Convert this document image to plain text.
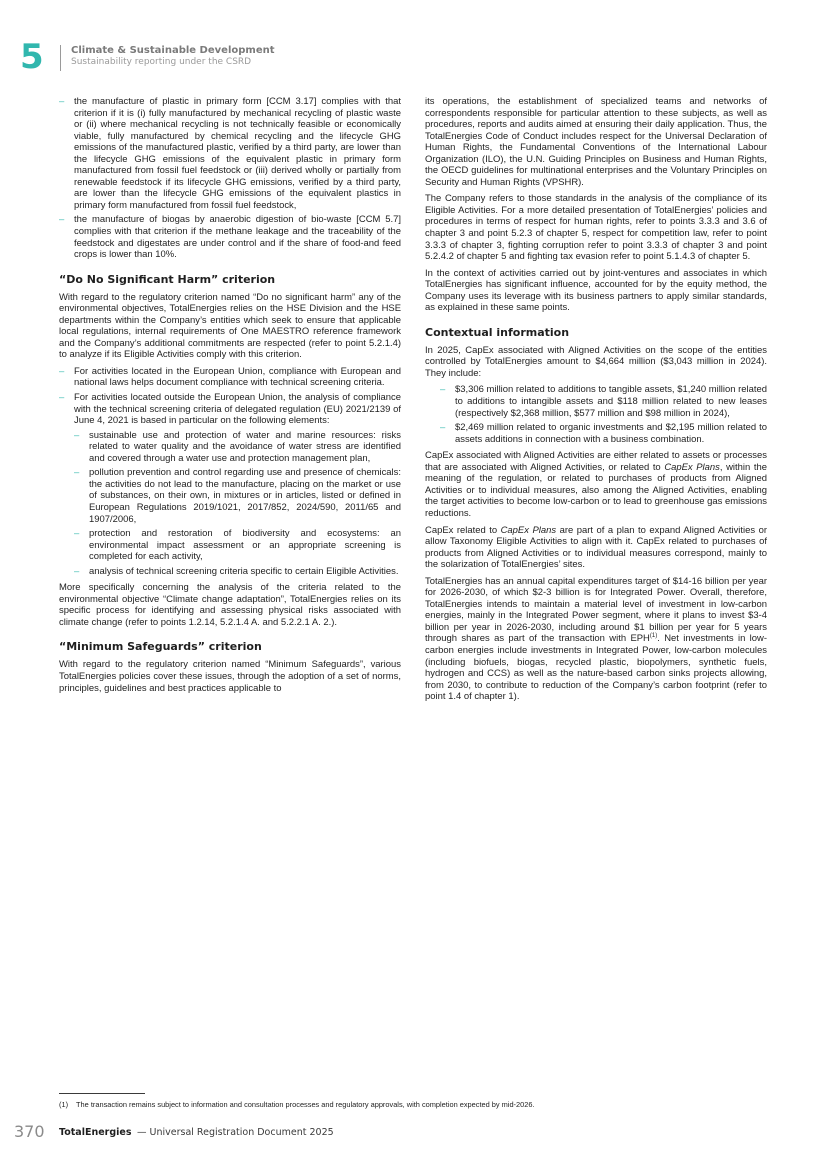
5	Climate & Sustainable Development
Sustainability reporting under the CSRD
– the manufacture of plastic in primary form [CCM 3.17] complies with that criterion if it is (i) fully manufactured by mechanical recycling of plastic waste or (ii) where mechanical recycling is not technically feasible or economically viable, fully manufactured by chemical recycling and the lifecycle GHG emissions of the manufactured plastic, verified by a third party, are lower than the lifecycle GHG emissions of the equivalent plastic in primary form manufactured from fossil fuel feedstock or (iii) derived wholly or partially from renewable feedstock if its lifecycle GHG emissions, verified by a third party, are lower than the lifecycle GHG emissions of the equivalent plastics in primary form manufactured from fossil fuel feedstock,
– the manufacture of biogas by anaerobic digestion of bio-waste [CCM 5.7] complies with that criterion if the methane leakage and the traceability of the feedstock and digestates are under control and if the share of food-and feed crops is lower than 10%.
“Do No Significant Harm” criterion

With regard to the regulatory criterion named “Do no significant harm” any of the environmental objectives, TotalEnergies relies on the HSE Division and the HSE departments within the Company’s entities which seek to ensure that applicable local regulations, internal requirements of One MAESTRO reference framework and the Company’s additional commitments are respected (refer to point 5.2.1.4) to analyze if its Eligible Activities comply with this criterion.

– For activities located in the European Union, compliance with European and national laws helps document compliance with technical screening criteria.
– For activities located outside the European Union, the analysis of compliance with the technical screening criteria of delegated regulation (EU) 2021/2139 of June 4, 2021 is based in particular on the following elements:
– sustainable use and protection of water and marine resources: risks related to water quality and the avoidance of water stress are identified and covered through a water use and protection management plan,
– pollution prevention and control regarding use and presence of chemicals: the activities do not lead to the manufacture, placing on the market or use of substances, on their own, in mixtures or in articles, listed or defined in European Regulations 2019/1021, 2017/852, 2024/590, 2011/65 and 1907/2006,
– protection and restoration of biodiversity and ecosystems: an environmental impact assessment or an appropriate screening is completed for each activity,
– analysis of technical screening criteria specific to certain Eligible Activities.

More specifically concerning the analysis of the criteria related to the environmental objective “Climate change adaptation”, TotalEnergies relies on its specific process for identifying and assessing physical risks associated with climate change (refer to points 1.2.14, 5.2.1.4 A. and 5.2.2.1 A. 2.).

“Minimum Safeguards” criterion

With regard to the regulatory criterion named “Minimum Safeguards”, various TotalEnergies policies cover these issues, through the adoption of a set of norms, principles, guidelines and best practices applicable to

its operations, the establishment of specialized teams and networks of correspondents responsible for particular attention to these subjects, as well as procedures, reports and audits aimed at ensuring their daily application. Thus, the TotalEnergies Code of Conduct includes respect for the Universal Declaration of Human Rights, the Fundamental Conventions of the International Labour Organization (ILO), the U.N. Guiding Principles on Business and Human Rights, the OECD guidelines for multinational enterprises and the Voluntary Principles on Security and Human Rights (VPSHR).

The Company refers to those standards in the analysis of the compliance of its Eligible Activities. For a more detailed presentation of TotalEnergies’ policies and procedures in terms of respect for human rights, refer to points 3.3.3 and 3.6 of chapter 3 and point 5.2.3 of chapter 5, respect for competition law, refer to point 3.3.3 of chapter 3, fighting corruption refer to point 3.3.3 of chapter 3 and point 5.2.4.2 of chapter 5 and fighting tax evasion refer to point 5.1.4.3 of chapter 5.

In the context of activities carried out by joint-ventures and associates in which TotalEnergies has significant influence, accounted for by the equity method, the Company uses its leverage with its business partners to apply similar standards, as explained in these same points.

Contextual information

In 2025, CapEx associated with Aligned Activities on the scope of the entities controlled by TotalEnergies amount to $4,664 million ($3,043 million in 2024). They include:

– $3,306 million related to additions to tangible assets, $1,240 million related to additions to intangible assets and $118 million related to new leases (respectively $2,368 million, $577 million and $98 million in 2024),
– $2,469 million related to organic investments and $2,195 million related to assets additions in connection with a business combination.

CapEx associated with Aligned Activities are either related to assets or processes that are associated with Aligned Activities, or related to CapEx Plans, within the meaning of the regulation, or related to purchases of products from Aligned Activities or to individual measures, also among the Aligned Activities, enabling the target activities to become low-carbon or to lead to greenhouse gas emissions reductions.

CapEx related to CapEx Plans are part of a plan to expand Aligned Activities or allow Taxonomy Eligible Activities to align with it. CapEx related to purchases of products from Aligned Activities or to individual measures correspond, mainly to the solarization of TotalEnergies’ sites.

TotalEnergies has an annual capital expenditures target of $14-16 billion per year for 2026-2030, of which $2-3 billion is for Integrated Power. Overall, therefore, TotalEnergies intends to maintain a material level of investment in low-carbon energies, mainly in the Integrated Power segment, where it plans to invest $3-4 billion per year in 2026-2030, including around $1 billion per year for 5 years through shares as part of the transaction with EPH$^{(1)}$. Net investments in low-carbon energies include investments in Integrated Power, low-carbon molecules (including biofuels, biogas, recycled plastic, biopolymers, synthetic fuels, hydrogen and CCS) as well as the nature-based carbon sinks projects allowing, from 2030, to contribute to reduction of the Company’s carbon footprint (refer to point 1.4 of chapter 1).

(1) The transaction remains subject to information and consultation processes and regulatory approvals, with completion expected by mid-2026.
370 TotalEnergies — Universal Registration Document 2025
